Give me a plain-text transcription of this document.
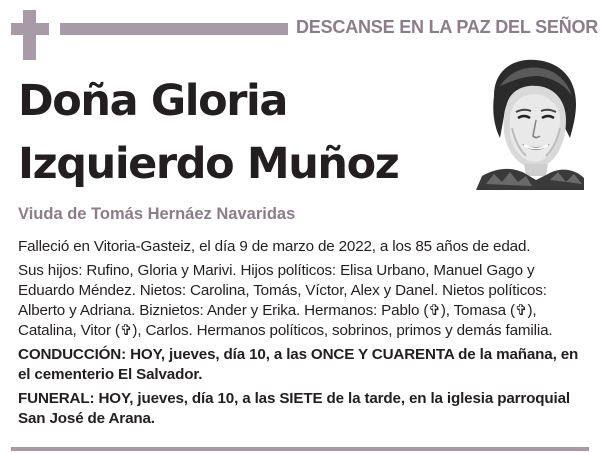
DESCANSE EN LA PAZ DEL SEÑOR
Doña Gloria
Izquierdo Muñoz
Viuda de Tomás Hernáez Navaridas

Falleció en Vitoria-Gasteiz, el día 9 de marzo de 2022, a los 85 años de edad.

Sus hijos: Rufino, Gloria y Marivi. Hijos políticos: Elisa Urbano, Manuel Gago y Eduardo Méndez. Nietos: Carolina, Tomás, Víctor, Alex y Danel. Nietos políticos: Alberto y Adriana. Biznietos: Ander y Erika. Hermanos: Pablo (✞), Tomasa (✞), Catalina, Vitor (✞), Carlos. Hermanos políticos, sobrinos, primos y demás familia.

CONDUCCIÓN: HOY, jueves, día 10, a las ONCE Y CUARENTA de la mañana, en el cementerio El Salvador.

FUNERAL: HOY, jueves, día 10, a las SIETE de la tarde, en la iglesia parroquial San José de Arana.
